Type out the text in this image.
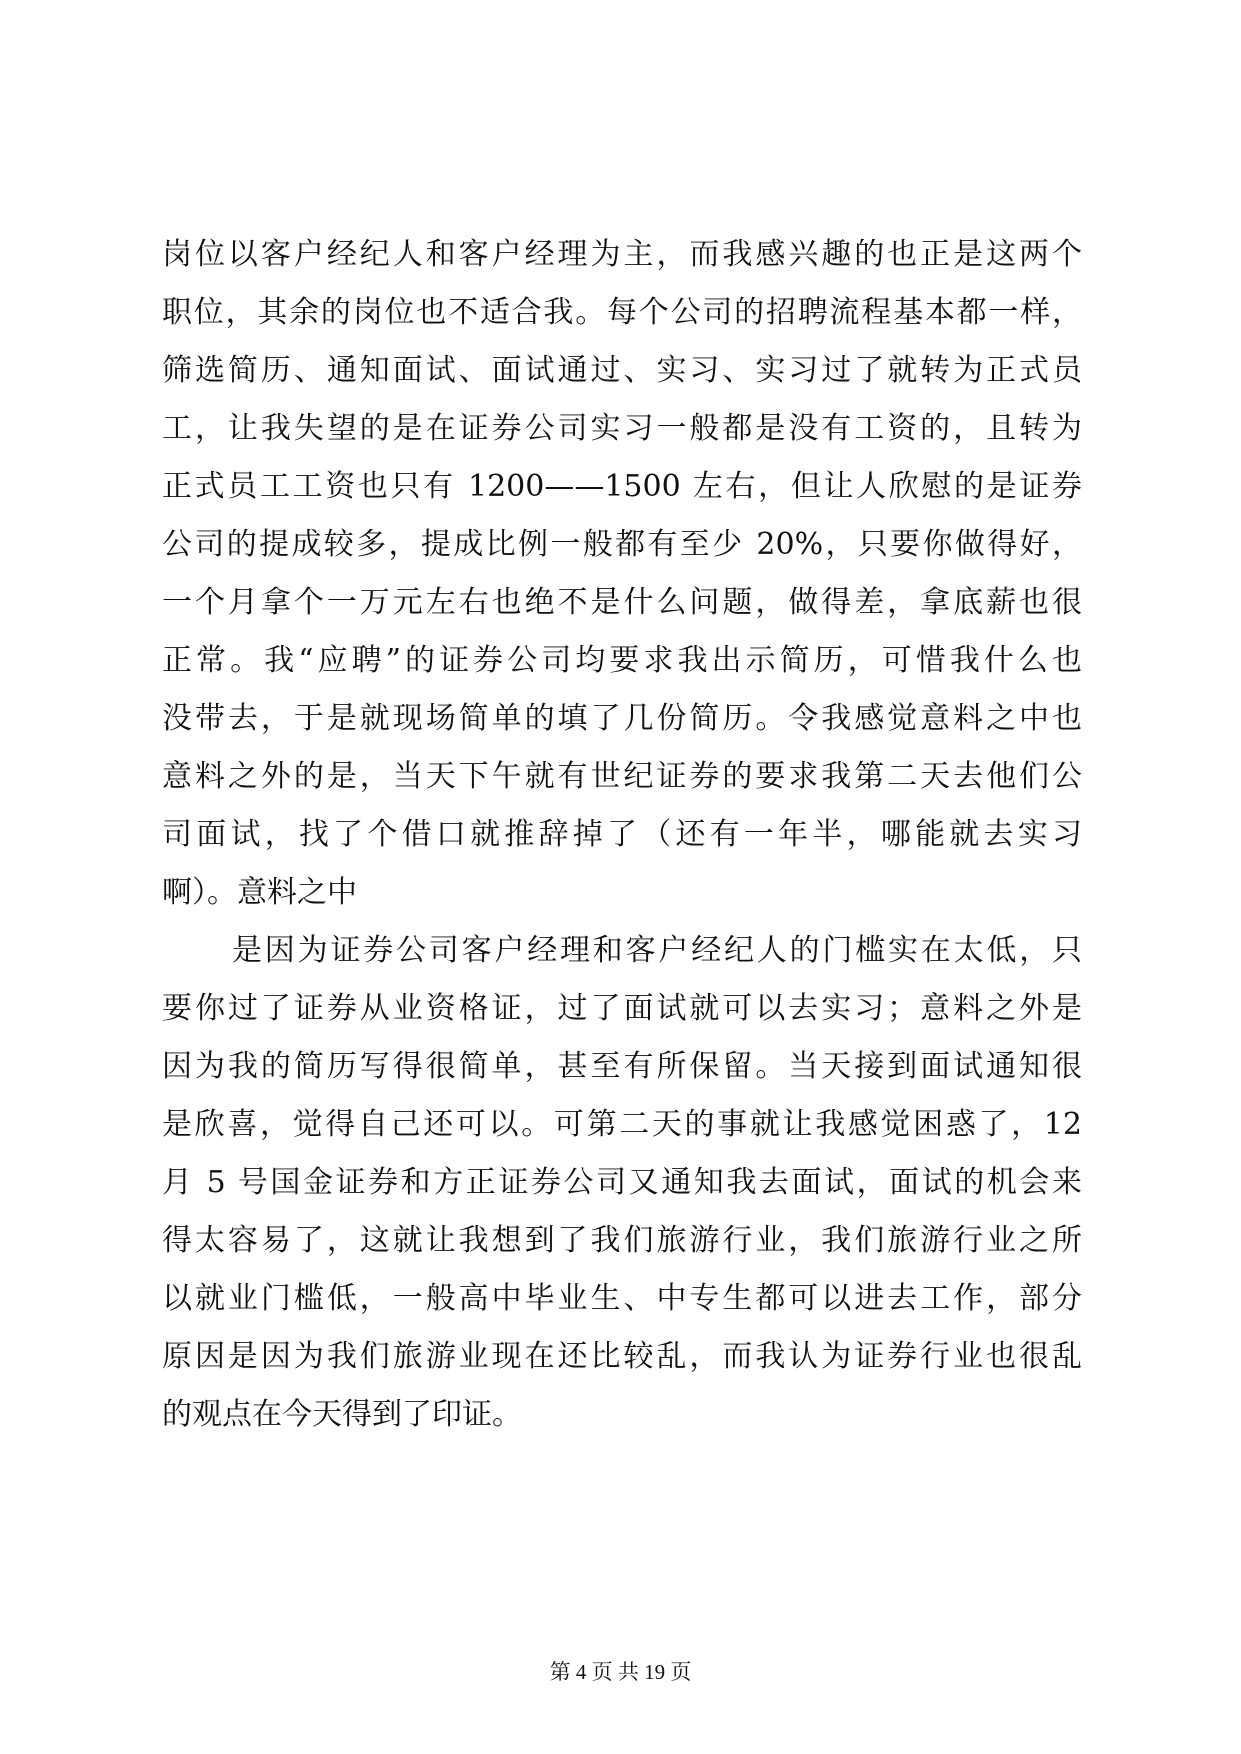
岗位以客户经纪人和客户经理为主，而我感兴趣的也正是这两个
职位，其余的岗位也不适合我。每个公司的招聘流程基本都一样，
筛选简历、通知面试、面试通过、实习、实习过了就转为正式员
工，让我失望的是在证券公司实习一般都是没有工资的，且转为
正式员工工资也只有 1200——1500 左右，但让人欣慰的是证券
公司的提成较多，提成比例一般都有至少 20%，只要你做得好，
一个月拿个一万元左右也绝不是什么问题，做得差，拿底薪也很
正常。我“应聘”的证券公司均要求我出示简历，可惜我什么也
没带去，于是就现场简单的填了几份简历。令我感觉意料之中也
意料之外的是，当天下午就有世纪证券的要求我第二天去他们公
司面试，找了个借口就推辞掉了（还有一年半，哪能就去实习
啊）。意料之中
是因为证券公司客户经理和客户经纪人的门槛实在太低，只
要你过了证券从业资格证，过了面试就可以去实习；意料之外是
因为我的简历写得很简单，甚至有所保留。当天接到面试通知很
是欣喜，觉得自己还可以。可第二天的事就让我感觉困惑了，12
月 5 号国金证券和方正证券公司又通知我去面试，面试的机会来
得太容易了，这就让我想到了我们旅游行业，我们旅游行业之所
以就业门槛低，一般高中毕业生、中专生都可以进去工作，部分
原因是因为我们旅游业现在还比较乱，而我认为证券行业也很乱
的观点在今天得到了印证。
第 4 页 共 19 页
